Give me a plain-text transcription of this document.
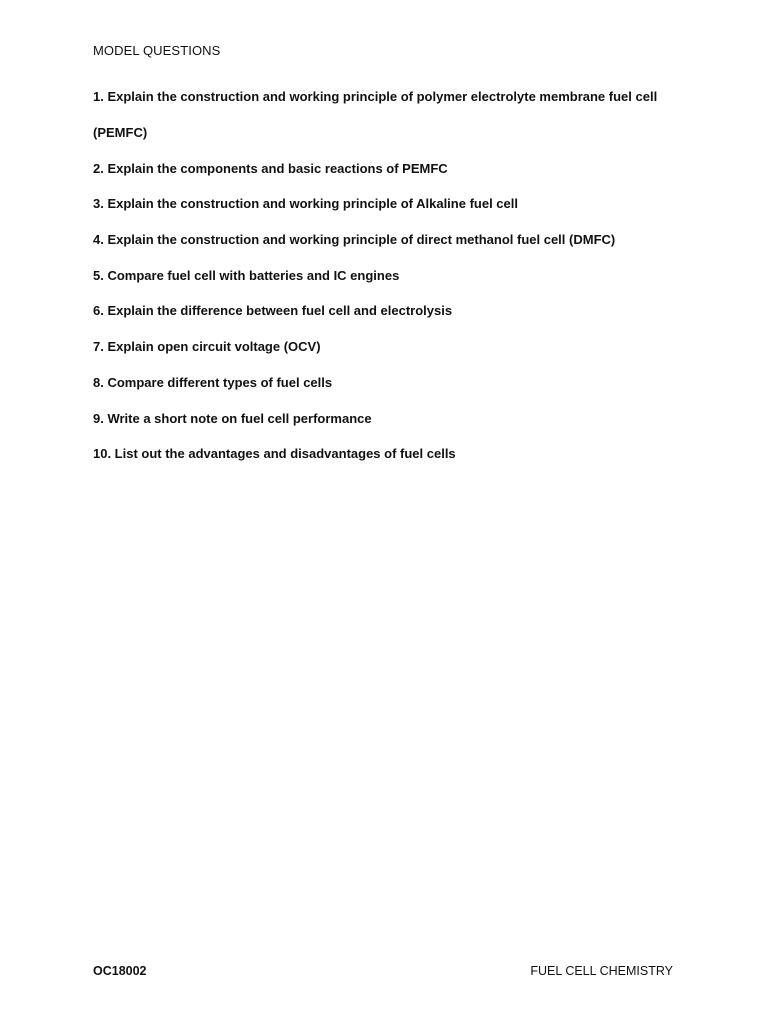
MODEL QUESTIONS
1. Explain the construction and working principle of polymer electrolyte membrane fuel cell
(PEMFC)
2. Explain the components and basic reactions of PEMFC
3. Explain the construction and working principle of Alkaline fuel cell
4. Explain the construction and working principle of direct methanol fuel cell (DMFC)
5. Compare fuel cell with batteries and IC engines
6. Explain the difference between fuel cell and electrolysis
7. Explain open circuit voltage (OCV)
8. Compare different types of fuel cells
9. Write a short note on fuel cell performance
10. List out the advantages and disadvantages of fuel cells
OC18002	FUEL CELL CHEMISTRY
